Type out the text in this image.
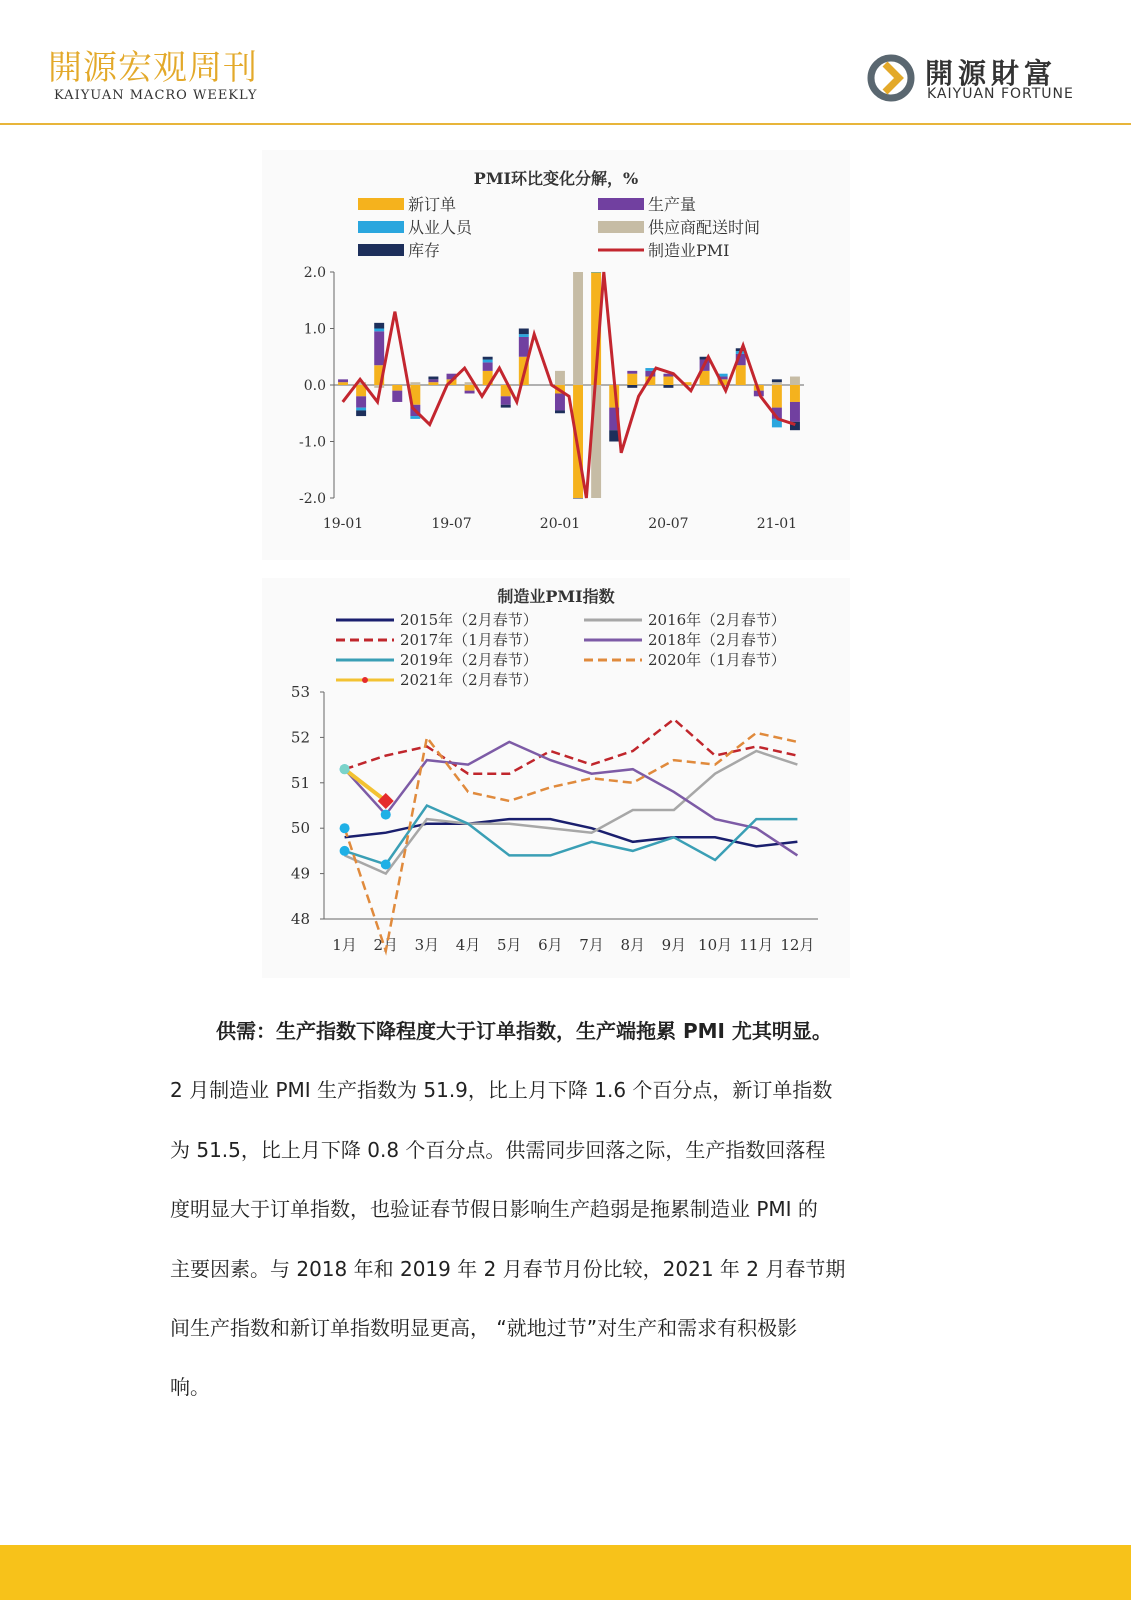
開源宏观周刊
KAIYUAN MACRO WEEKLY
開源財富
KAIYUAN FORTUNE
PMI环比变化分解，%
新订单	生产量
从业人员	供应商配送时间
库存	制造业PMI
2.0
1.0
0.0
-1.0
-2.0
19-01	19-07	20-01	20-07	21-01
制造业PMI指数
2015年（2月春节）	2016年（2月春节）
2017年（1月春节）	2018年（2月春节）
2019年（2月春节）	2020年（1月春节）
2021年（2月春节）
53
52
51
50
49
48
1月 2月 3月 4月 5月 6月 7月 8月 9月 10月 11月 12月
供需：生产指数下降程度大于订单指数，生产端拖累 PMI 尤其明显。
2 月制造业 PMI 生产指数为 51.9，比上月下降 1.6 个百分点，新订单指数
为 51.5，比上月下降 0.8 个百分点。供需同步回落之际，生产指数回落程
度明显大于订单指数，也验证春节假日影响生产趋弱是拖累制造业 PMI 的
主要因素。与 2018 年和 2019 年 2 月春节月份比较，2021 年 2 月春节期
间生产指数和新订单指数明显更高， “就地过节”对生产和需求有积极影
响。
